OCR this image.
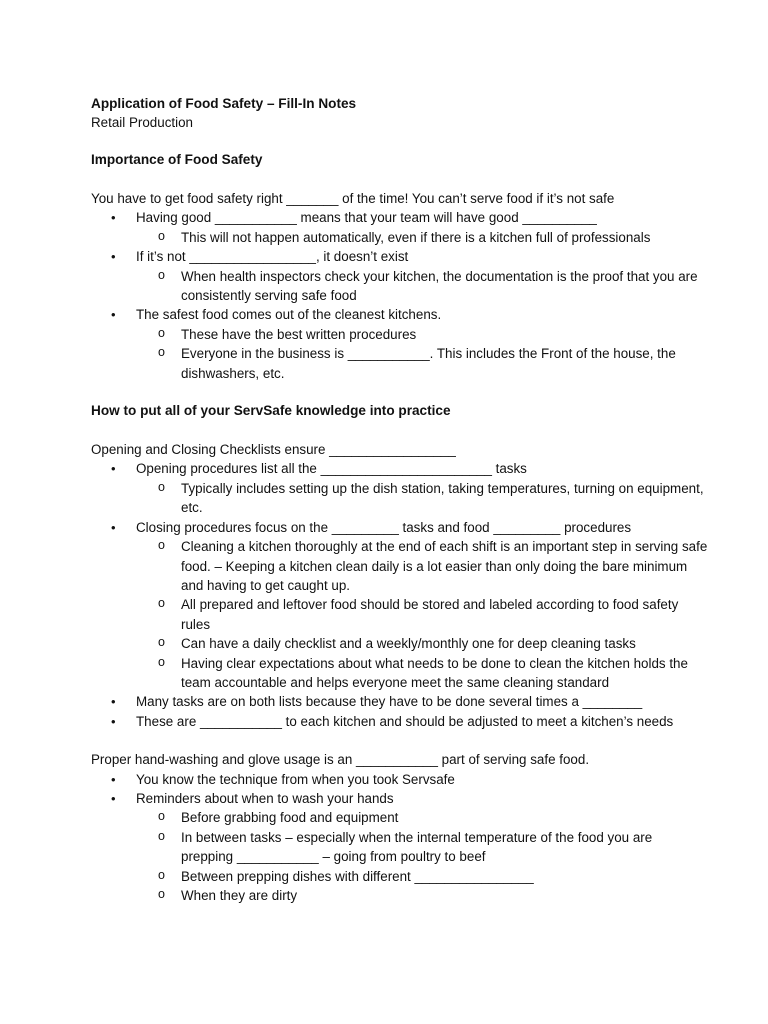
Application of Food Safety – Fill-In Notes

Retail Production

Importance of Food Safety

You have to get food safety right _______ of the time! You can’t serve food if it’s not safe

• Having good ___________ means that your team will have good __________
o This will not happen automatically, even if there is a kitchen full of professionals
• If it’s not _________________, it doesn’t exist
o When health inspectors check your kitchen, the documentation is the proof that you are consistently serving safe food
• The safest food comes out of the cleanest kitchens.
o These have the best written procedures
o Everyone in the business is ___________. This includes the Front of the house, the dishwashers, etc.

How to put all of your ServSafe knowledge into practice

Opening and Closing Checklists ensure _________________

• Opening procedures list all the _______________________ tasks
o Typically includes setting up the dish station, taking temperatures, turning on equipment, etc.
• Closing procedures focus on the _________ tasks and food _________ procedures
o Cleaning a kitchen thoroughly at the end of each shift is an important step in serving safe food. – Keeping a kitchen clean daily is a lot easier than only doing the bare minimum and having to get caught up.
o All prepared and leftover food should be stored and labeled according to food safety rules
o Can have a daily checklist and a weekly/monthly one for deep cleaning tasks
o Having clear expectations about what needs to be done to clean the kitchen holds the team accountable and helps everyone meet the same cleaning standard
• Many tasks are on both lists because they have to be done several times a ________
• These are ___________ to each kitchen and should be adjusted to meet a kitchen’s needs

Proper hand-washing and glove usage is an ___________ part of serving safe food.

• You know the technique from when you took Servsafe
• Reminders about when to wash your hands
o Before grabbing food and equipment
o In between tasks – especially when the internal temperature of the food you are prepping ___________ – going from poultry to beef
o Between prepping dishes with different ________________
o When they are dirty
